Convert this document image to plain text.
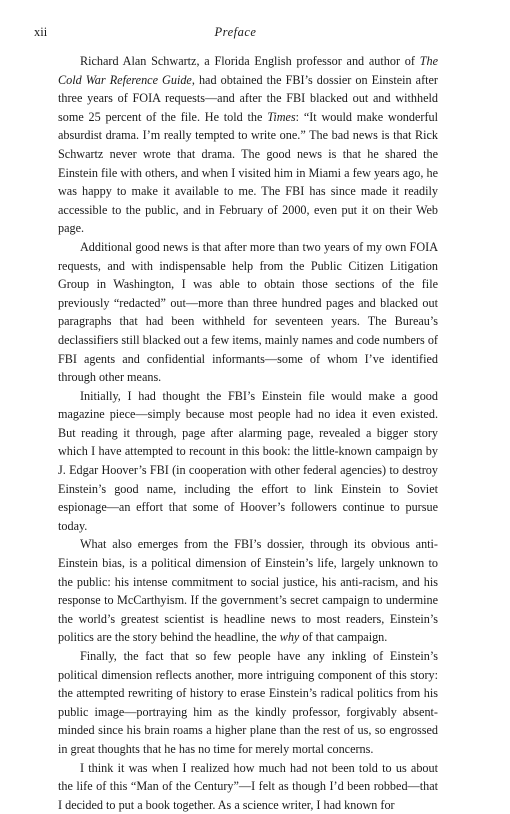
xii	Preface

Richard Alan Schwartz, a Florida English professor and author of The Cold War Reference Guide, had obtained the FBI’s dossier on Einstein after three years of FOIA requests—and after the FBI blacked out and withheld some 25 percent of the file. He told the Times: “It would make wonderful absurdist drama. I’m really tempted to write one.” The bad news is that Rick Schwartz never wrote that drama. The good news is that he shared the Einstein file with others, and when I visited him in Miami a few years ago, he was happy to make it available to me. The FBI has since made it readily accessible to the public, and in February of 2000, even put it on their Web page.

Additional good news is that after more than two years of my own FOIA requests, and with indispensable help from the Public Citizen Litigation Group in Washington, I was able to obtain those sections of the file previously “redacted” out—more than three hundred pages and blacked out paragraphs that had been withheld for seventeen years. The Bureau’s declassifiers still blacked out a few items, mainly names and code numbers of FBI agents and confidential informants—some of whom I’ve identified through other means.

Initially, I had thought the FBI’s Einstein file would make a good magazine piece—simply because most people had no idea it even existed. But reading it through, page after alarming page, revealed a bigger story which I have attempted to recount in this book: the little-known campaign by J. Edgar Hoover’s FBI (in cooperation with other federal agencies) to destroy Einstein’s good name, including the effort to link Einstein to Soviet espionage—an effort that some of Hoover’s followers continue to pursue today.

What also emerges from the FBI’s dossier, through its obvious anti-Einstein bias, is a political dimension of Einstein’s life, largely unknown to the public: his intense commitment to social justice, his anti-racism, and his response to McCarthyism. If the government’s secret campaign to undermine the world’s greatest scientist is headline news to most readers, Einstein’s politics are the story behind the headline, the why of that campaign.

Finally, the fact that so few people have any inkling of Einstein’s political dimension reflects another, more intriguing component of this story: the attempted rewriting of history to erase Einstein’s radical politics from his public image—portraying him as the kindly professor, forgivably absent-minded since his brain roams a higher plane than the rest of us, so engrossed in great thoughts that he has no time for merely mortal concerns.

I think it was when I realized how much had not been told to us about the life of this “Man of the Century”—I felt as though I’d been robbed—that I decided to put a book together. As a science writer, I had known for
